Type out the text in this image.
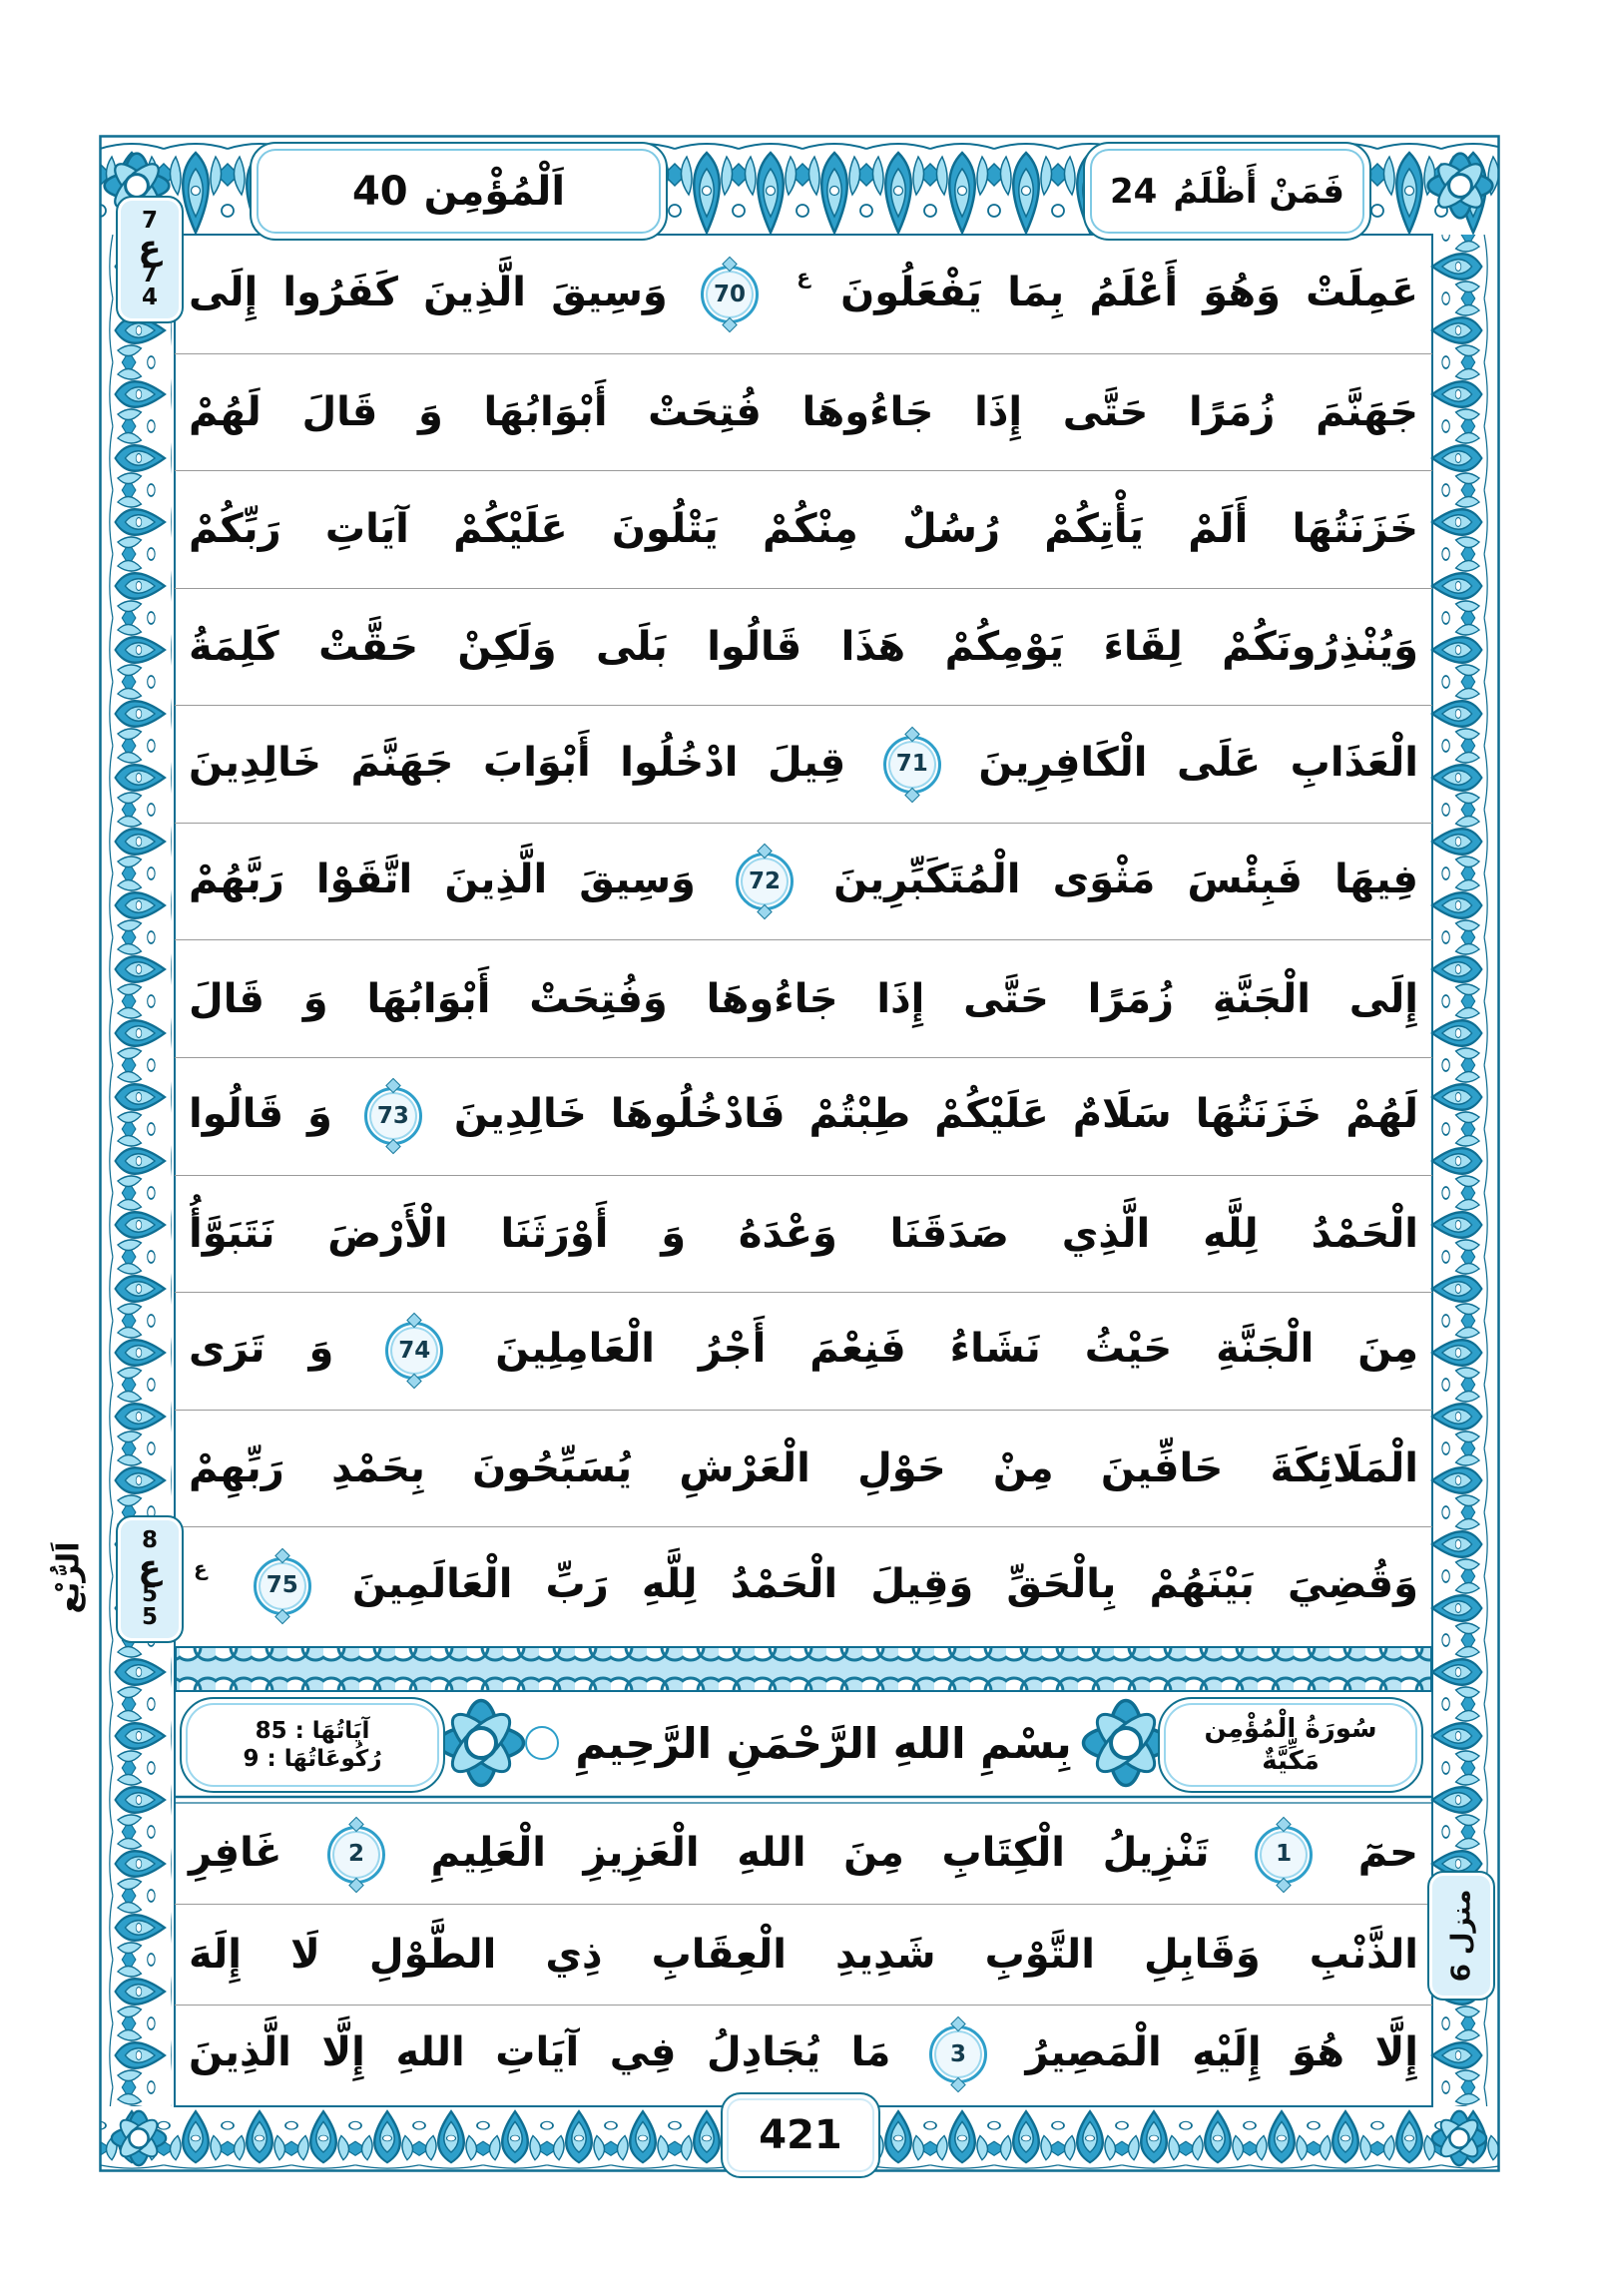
اَلْمُؤْمِن
40	فَمَنْ أَظْلَمُ
24
7
ع
7
4
8
ع
5
5
اَلرُّبْع
منزل 6
عَمِلَتْ وَهُوَ أَعْلَمُ بِمَا يَفْعَلُونَ $^ع$
70
وَسِيقَ الَّذِينَ كَفَرُوا إِلَى
جَهَنَّمَ زُمَرًا حَتَّى إِذَا جَاءُوهَا فُتِحَتْ أَبْوَابُهَا وَ قَالَ لَهُمْ
خَزَنَتُهَا أَلَمْ يَأْتِكُمْ رُسُلٌ مِنْكُمْ يَتْلُونَ عَلَيْكُمْ آيَاتِ رَبِّكُمْ
وَيُنْذِرُونَكُمْ لِقَاءَ يَوْمِكُمْ هَذَا قَالُوا بَلَى وَلَكِنْ حَقَّتْ كَلِمَةُ
الْعَذَابِ عَلَى الْكَافِرِينَ
71
قِيلَ ادْخُلُوا أَبْوَابَ جَهَنَّمَ خَالِدِينَ
فِيهَا فَبِئْسَ مَثْوَى الْمُتَكَبِّرِينَ
72
وَسِيقَ الَّذِينَ اتَّقَوْا رَبَّهُمْ
إِلَى الْجَنَّةِ زُمَرًا حَتَّى إِذَا جَاءُوهَا وَفُتِحَتْ أَبْوَابُهَا وَ قَالَ
لَهُمْ خَزَنَتُهَا سَلَامٌ عَلَيْكُمْ طِبْتُمْ فَادْخُلُوهَا خَالِدِينَ
73
وَ قَالُوا
الْحَمْدُ لِلَّهِ الَّذِي صَدَقَنَا وَعْدَهُ وَ أَوْرَثَنَا الْأَرْضَ نَتَبَوَّأُ
مِنَ الْجَنَّةِ حَيْثُ نَشَاءُ فَنِعْمَ أَجْرُ الْعَامِلِينَ
74
وَ تَرَى
الْمَلَائِكَةَ حَافِّينَ مِنْ حَوْلِ الْعَرْشِ يُسَبِّحُونَ بِحَمْدِ رَبِّهِمْ
وَقُضِيَ بَيْنَهُمْ بِالْحَقِّ وَقِيلَ الْحَمْدُ لِلَّهِ رَبِّ الْعَالَمِينَ
75
$^ع$
سُورَةُ الْمُؤْمِن
مَكِّيَّةٌ
بِسْمِ اللهِ الرَّحْمَنِ الرَّحِيمِ
آيَاتُهَا : 85
رُكُوعَاتُهَا : 9
حمٓ
1
تَنْزِيلُ الْكِتَابِ مِنَ اللهِ الْعَزِيزِ الْعَلِيمِ
2
غَافِرِ
الذَّنْبِ وَقَابِلِ التَّوْبِ شَدِيدِ الْعِقَابِ ذِي الطَّوْلِ لَا إِلَهَ
إِلَّا هُوَ إِلَيْهِ الْمَصِيرُ
3
مَا يُجَادِلُ فِي آيَاتِ اللهِ إِلَّا الَّذِينَ
421
